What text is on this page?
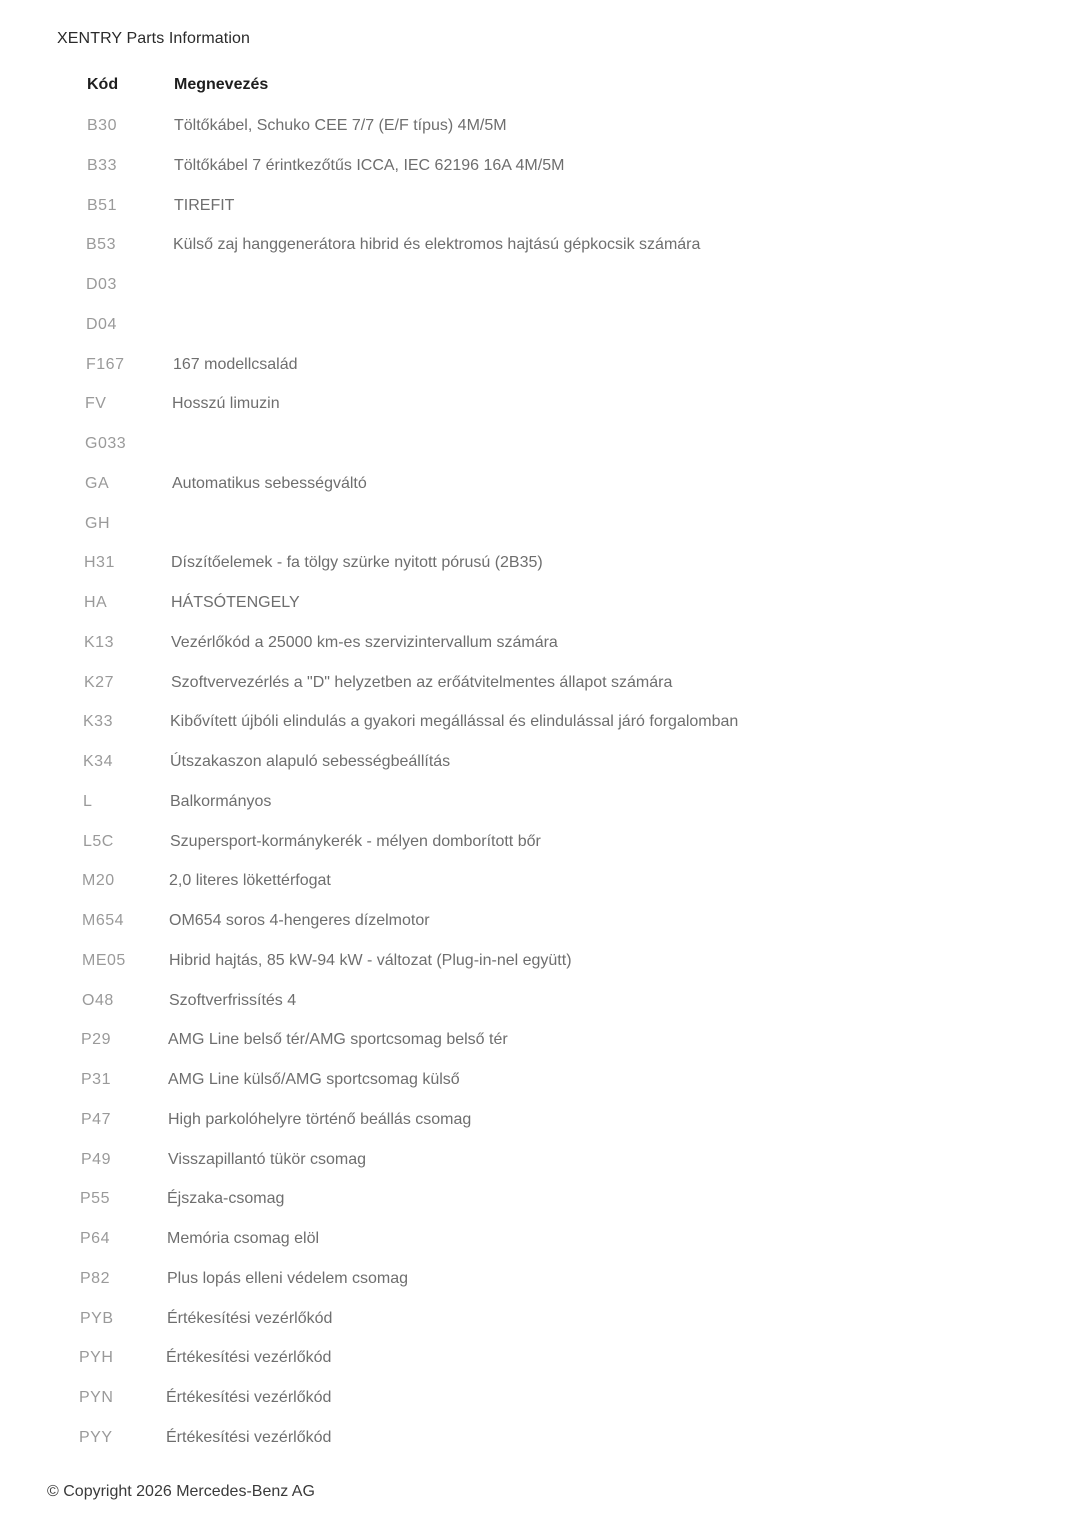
XENTRY Parts Information
Kód	Megnevezés
B30	Töltőkábel, Schuko CEE 7/7 (E/F típus) 4M/5M
B33	Töltőkábel 7 érintkezőtűs ICCA, IEC 62196 16A 4M/5M
B51	TIREFIT
B53	Külső zaj hanggenerátora hibrid és elektromos hajtású gépkocsik számára
D03
D04
F167	167 modellcsalád
FV	Hosszú limuzin
G033
GA	Automatikus sebességváltó
GH
H31	Díszítőelemek - fa tölgy szürke nyitott pórusú (2B35)
HA	HÁTSÓTENGELY
K13	Vezérlőkód a 25000 km-es szervizintervallum számára
K27	Szoftvervezérlés a "D" helyzetben az erőátvitelmentes állapot számára
K33	Kibővített újbóli elindulás a gyakori megállással és elindulással járó forgalomban
K34	Útszakaszon alapuló sebességbeállítás
L	Balkormányos
L5C	Szupersport-kormánykerék - mélyen domborított bőr
M20	2,0 literes lökettérfogat
M654	OM654 soros 4-hengeres dízelmotor
ME05	Hibrid hajtás, 85 kW-94 kW - változat (Plug-in-nel együtt)
O48	Szoftverfrissítés 4
P29	AMG Line belső tér/AMG sportcsomag belső tér
P31	AMG Line külső/AMG sportcsomag külső
P47	High parkolóhelyre történő beállás csomag
P49	Visszapillantó tükör csomag
P55	Éjszaka-csomag
P64	Memória csomag elöl
P82	Plus lopás elleni védelem csomag
PYB	Értékesítési vezérlőkód
PYH	Értékesítési vezérlőkód
PYN	Értékesítési vezérlőkód
PYY	Értékesítési vezérlőkód
© Copyright 2026 Mercedes-Benz AG
